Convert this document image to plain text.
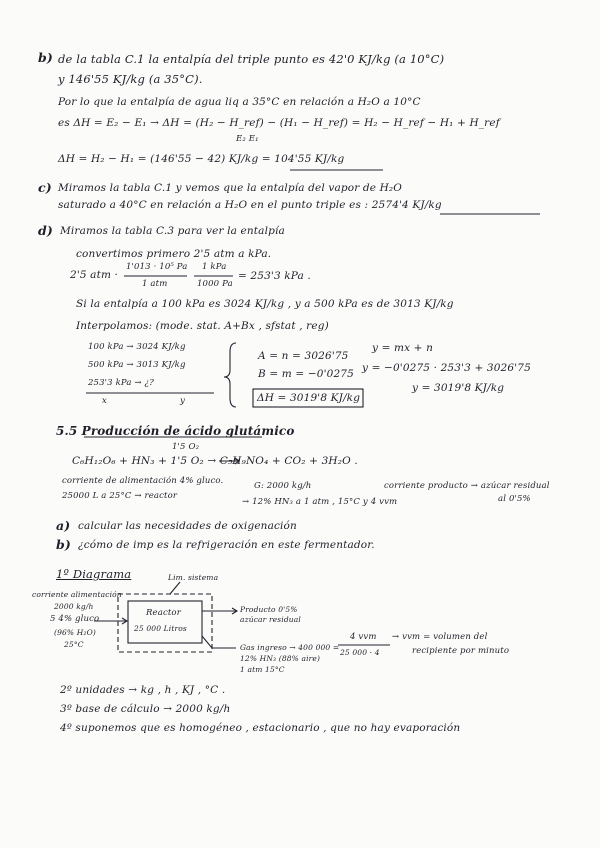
b) de la tabla C.1 la entalpía del triple punto es 42'0 KJ/kg (a 10°C)
y 146'55 KJ/kg (a 35°C).
Por lo que la entalpía de agua liq a 35°C en relación a H₂O a 10°C
es ΔH = E₂ − E₁ → ΔH = (H₂ − H_ref) − (H₁ − H_ref) = H₂ − H_ref − H₁ + H_ref
E₂ E₁
ΔH = H₂ − H₁ = (146'55 − 42) KJ/kg = 104'55 KJ/kg
c) Miramos la tabla C.1 y vemos que la entalpía del vapor de H₂O
saturado a 40°C en relación a H₂O en el punto triple es : 2574'4 KJ/kg
d) Miramos la tabla C.3 para ver la entalpía
convertimos primero 2'5 atm a kPa.
2'5 atm ·
1'013 · 10⁵ Pa
1 atm
1 kPa
1000 Pa
= 253'3 kPa .
Si la entalpía a 100 kPa es 3024 KJ/kg , y a 500 kPa es de 3013 KJ/kg
Interpolamos: (mode. stat. A+Bx , sfstat , reg)
100 kPa → 3024 KJ/kg
500 kPa → 3013 KJ/kg
253'3 kPa → ¿?
x	y
A = n = 3026'75
B = m = −0'0275
y = mx + n
y = −0'0275 · 253'3 + 3026'75
y = 3019'8 KJ/kg
ΔH = 3019'8 KJ/kg
5.5 Producción de ácido glutámico
1'5 O₂
C₆H₁₂O₆ + HN₃ + 1'5 O₂ → C₅H₉NO₄ + CO₂ + 3H₂O .
corriente de alimentación 4% gluco.
25000 L a 25°C → reactor
G: 2000 kg/h
→ 12% HN₃ a 1 atm , 15°C y 4 vvm
corriente producto → azúcar residual
al 0'5%
a) calcular las necesidades de oxigenación
b) ¿cómo de imp es la refrigeración en este fermentador.
1º Diagrama	Lim. sistema
corriente alimentación
2000 kg/h
5 4% gluco
(96% H₂O)
25°C
Reactor
25 000 Litros
Producto 0'5%
azúcar residual
Gas ingreso → 400 000 =
12% HN₃ (88% aire)
1 atm 15°C
4 vvm → vvm = volumen del
25 000 · 4	recipiente por minuto
2º unidades → kg , h , KJ , °C .
3º base de cálculo → 2000 kg/h
4º suponemos que es homogéneo , estacionario , que no hay evaporación
